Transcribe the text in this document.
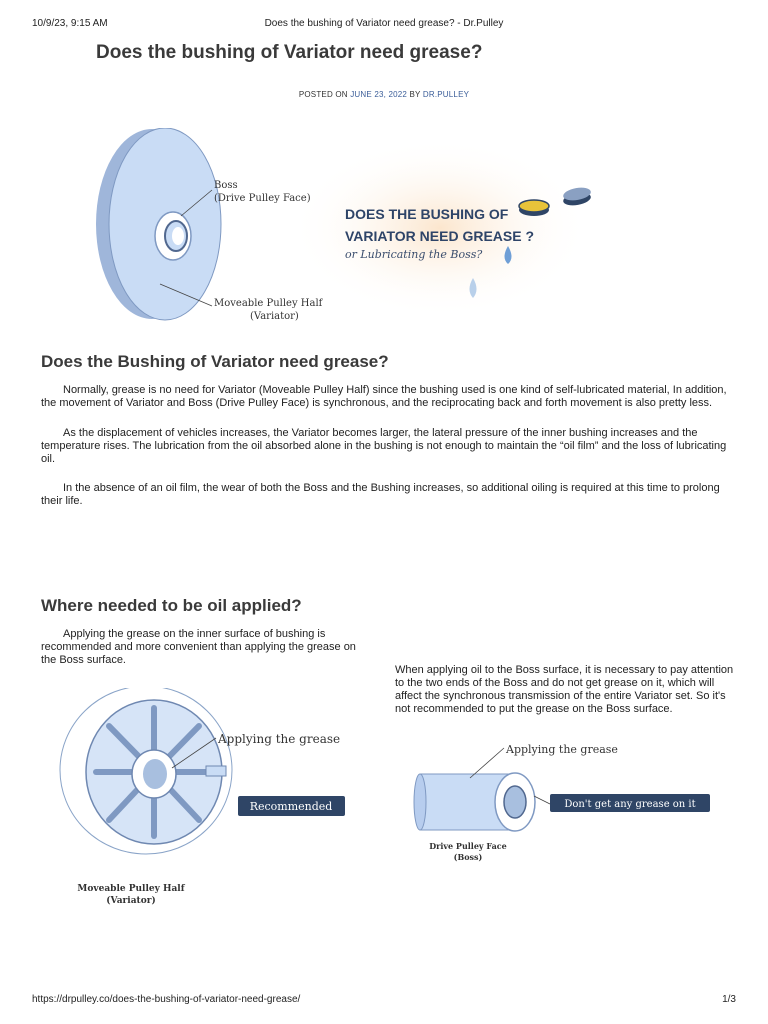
10/9/23, 9:15 AM	Does the bushing of Variator need grease? - Dr.Pulley
Does the bushing of Variator need grease?
POSTED ON JUNE 23, 2022 BY DR.PULLEY
Boss
(Drive Pulley Face)
Moveable Pulley Half
(Variator)
DOES THE BUSHING OF
VARIATOR NEED GREASE ?
or Lubricating the Boss?
Does the Bushing of Variator need grease?

Normally, grease is no need for Variator (Moveable Pulley Half) since the bushing used is one kind of self-lubricated material, In addition, the movement of Variator and Boss (Drive Pulley Face) is synchronous, and the reciprocating back and forth movement is also pretty less.

As the displacement of vehicles increases, the Variator becomes larger, the lateral pressure of the inner bushing increases and the temperature rises. The lubrication from the oil absorbed alone in the bushing is not enough to maintain the “oil film” and the loss of lubricating oil.

In the absence of an oil film, the wear of both the Boss and the Bushing increases, so additional oiling is required at this time to prolong their life.

Where needed to be oil applied?

Applying the grease on the inner surface of bushing is recommended and more convenient than applying the grease on the Boss surface.

When applying oil to the Boss surface, it is necessary to pay attention to the two ends of the Boss and do not get grease on it, which will affect the synchronous transmission of the entire Variator set. So it's not recommended to put the grease on the Boss surface.

Applying the grease
Recommended
Moveable Pulley Half
(Variator)
Applying the grease
Don't get any grease on it
Drive Pulley Face
(Boss)
https://drpulley.co/does-the-bushing-of-variator-need-grease/	1/3
